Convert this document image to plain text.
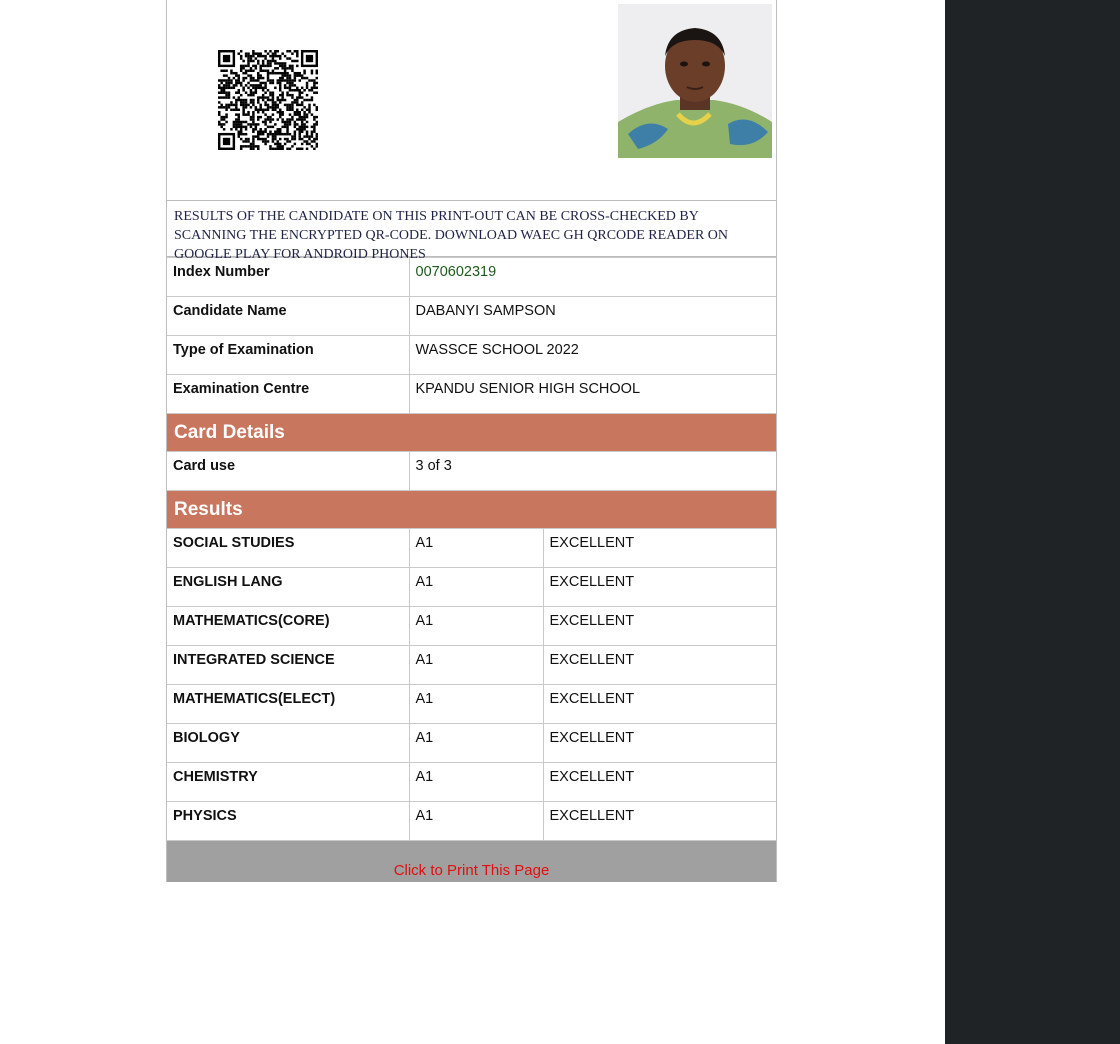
RESULTS OF THE CANDIDATE ON THIS PRINT-OUT CAN BE CROSS-CHECKED BY SCANNING THE ENCRYPTED QR-CODE. DOWNLOAD WAEC GH QRCODE READER ON GOOGLE PLAY FOR ANDROID PHONES

Index Number	0070602319
Candidate Name	DABANYI SAMPSON
Type of Examination	WASSCE SCHOOL 2022
Examination Centre	KPANDU SENIOR HIGH SCHOOL
Card Details
Card use	3 of 3
Results
SOCIAL STUDIES	A1	EXCELLENT
ENGLISH LANG	A1	EXCELLENT
MATHEMATICS(CORE)	A1	EXCELLENT
INTEGRATED SCIENCE	A1	EXCELLENT
MATHEMATICS(ELECT)	A1	EXCELLENT
BIOLOGY	A1	EXCELLENT
CHEMISTRY	A1	EXCELLENT
PHYSICS	A1	EXCELLENT
Click to Print This Page
